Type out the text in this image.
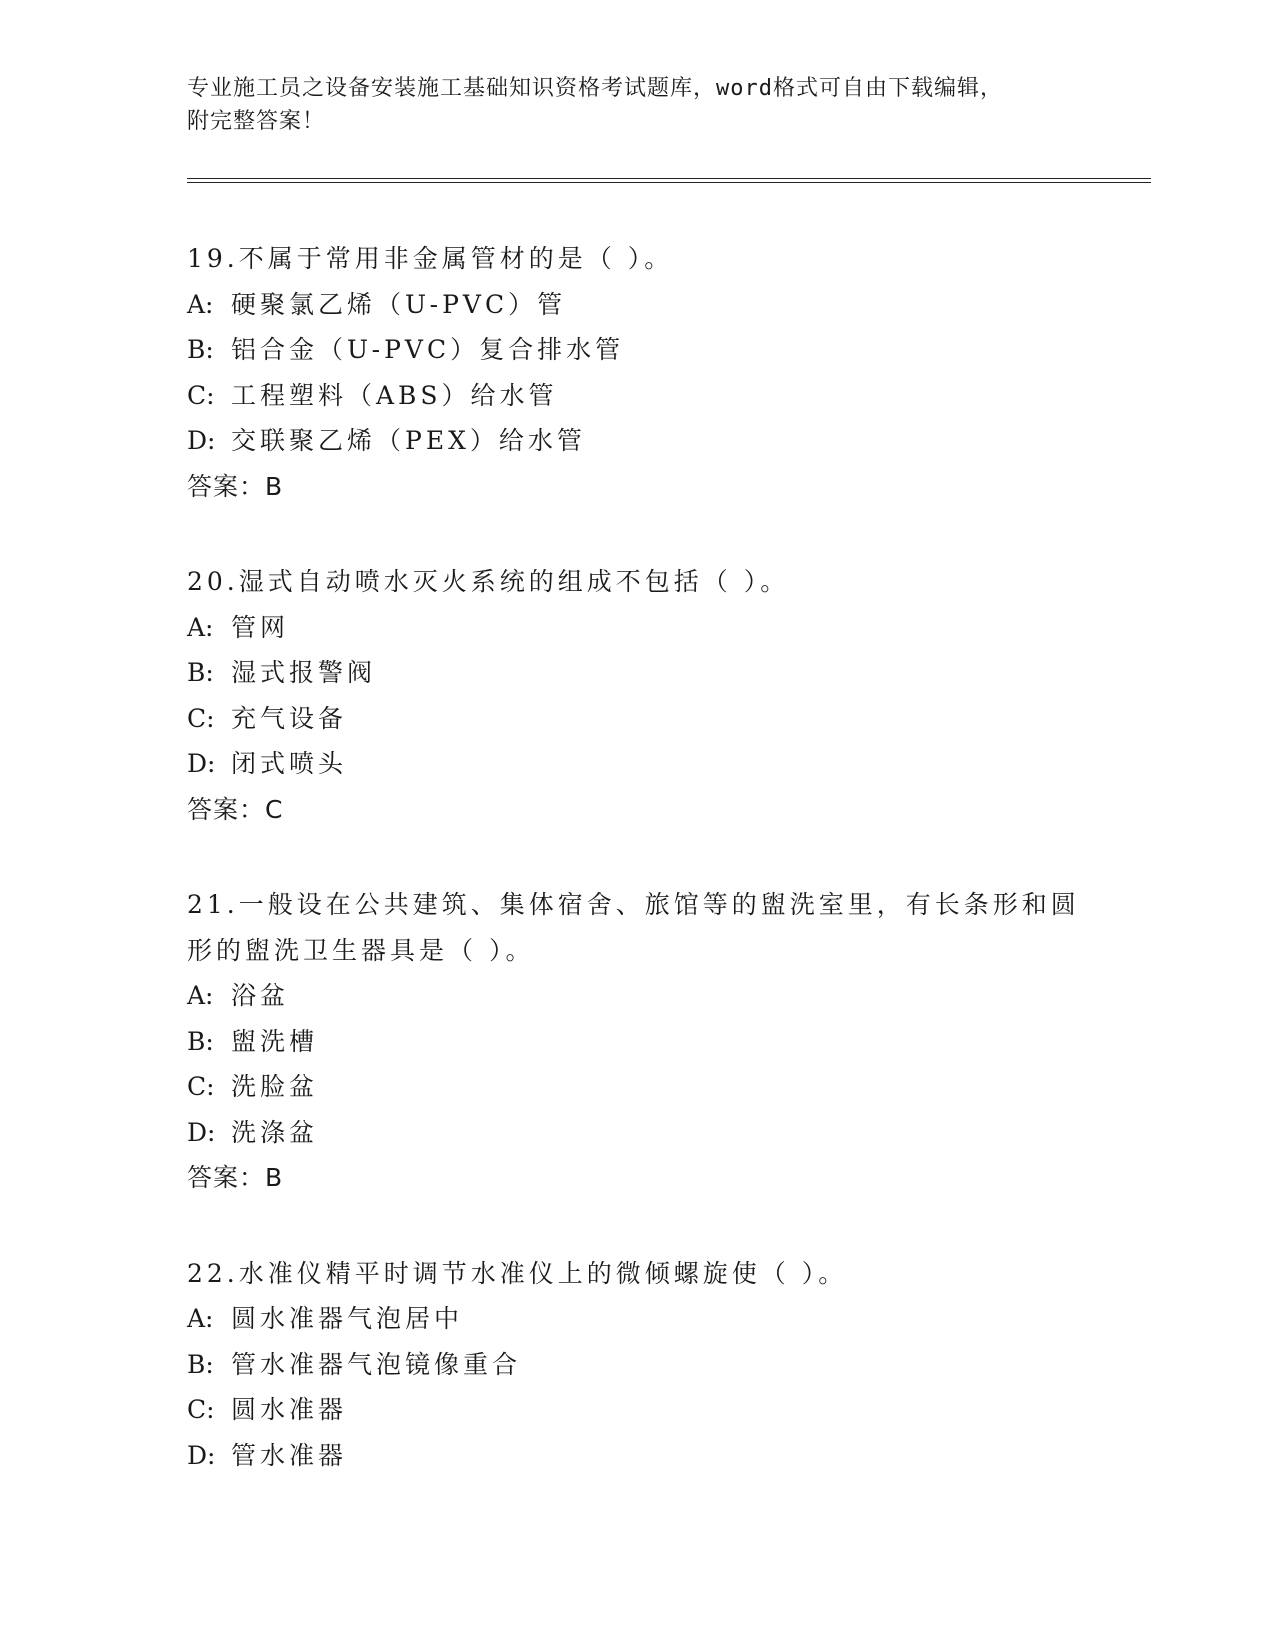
专业施工员之设备安装施工基础知识资格考试题库，word格式可自由下载编辑，
附完整答案！
19.不属于常用非金属管材的是（ ）。
A: 硬聚氯乙烯（U-PVC）管
B: 铝合金（U-PVC）复合排水管
C: 工程塑料（ABS）给水管
D: 交联聚乙烯（PEX）给水管
答案：B
20.湿式自动喷水灭火系统的组成不包括（ ）。
A: 管网
B: 湿式报警阀
C: 充气设备
D: 闭式喷头
答案：C
21.一般设在公共建筑、集体宿舍、旅馆等的盥洗室里，有长条形和圆形的盥洗卫生器具是（ ）。
A: 浴盆
B: 盥洗槽
C: 洗脸盆
D: 洗涤盆
答案：B
22.水准仪精平时调节水准仪上的微倾螺旋使（ ）。
A: 圆水准器气泡居中
B: 管水准器气泡镜像重合
C: 圆水准器
D: 管水准器
